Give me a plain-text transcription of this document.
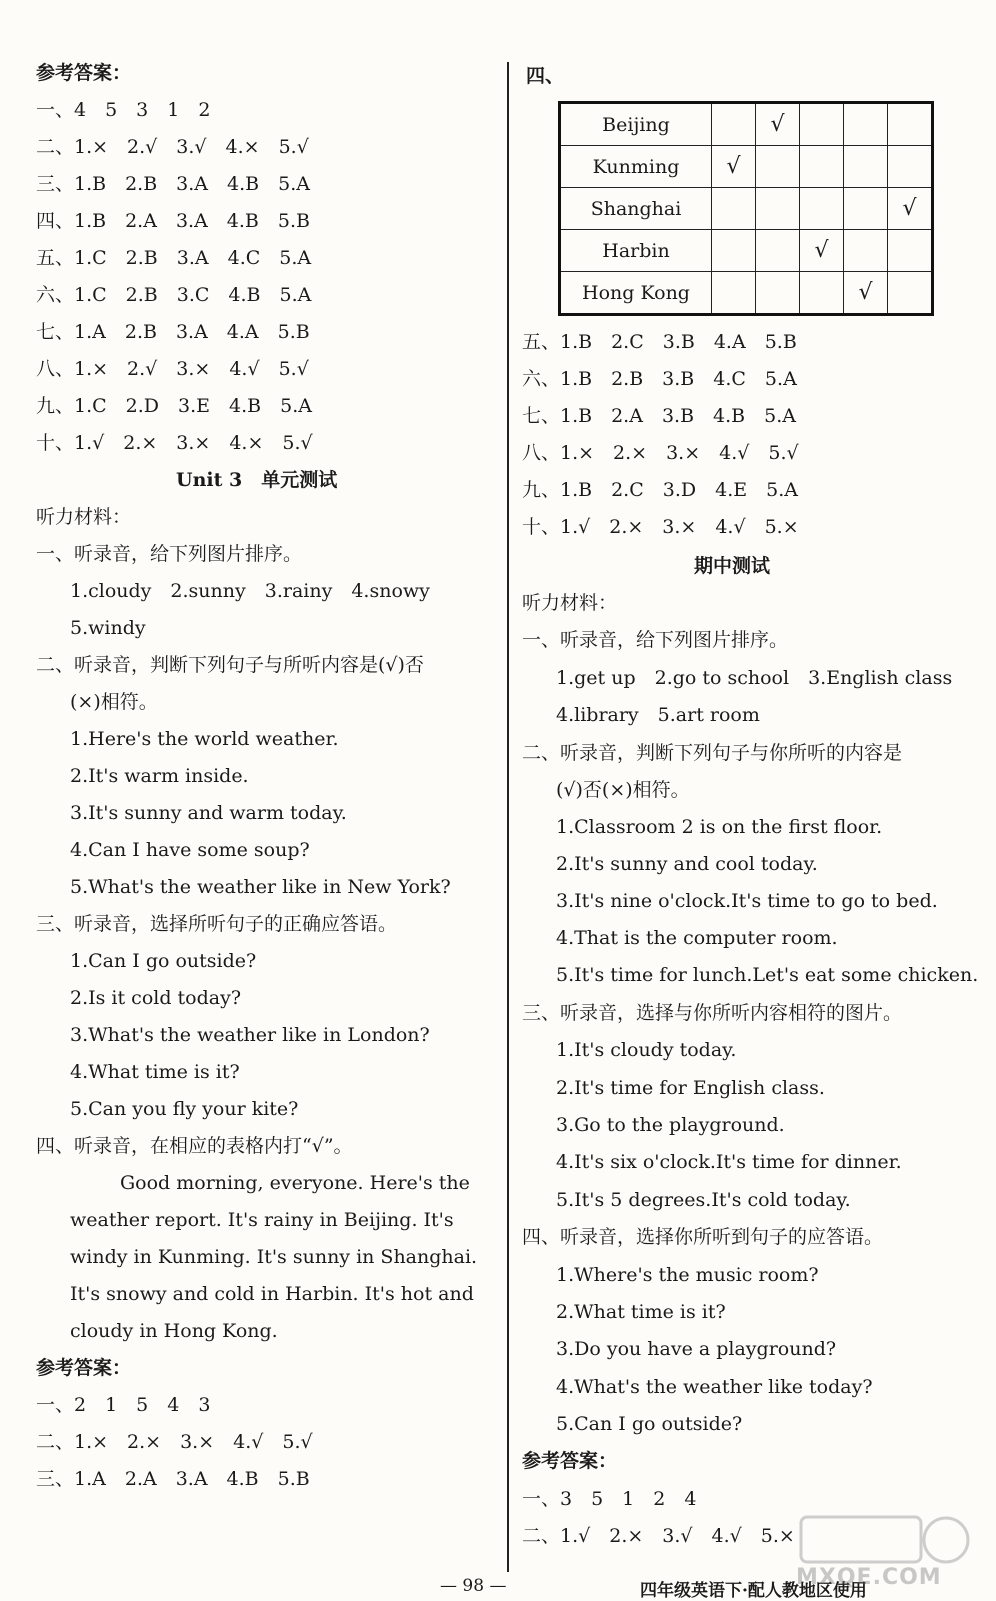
参考答案：
一、4　5　3　1　2
二、1.×　2.√　3.√　4.×　5.√
三、1.B　2.B　3.A　4.B　5.A
四、1.B　2.A　3.A　4.B　5.B
五、1.C　2.B　3.A　4.C　5.A
六、1.C　2.B　3.C　4.B　5.A
七、1.A　2.B　3.A　4.A　5.B
八、1.×　2.√　3.×　4.√　5.√
九、1.C　2.D　3.E　4.B　5.A
十、1.√　2.×　3.×　4.×　5.√
Unit 3　单元测试
听力材料：
一、听录音，给下列图片排序。
1.cloudy　2.sunny　3.rainy　4.snowy
5.windy
二、听录音，判断下列句子与所听内容是(√)否
(×)相符。
1.Here's the world weather.
2.It's warm inside.
3.It's sunny and warm today.
4.Can I have some soup?
5.What's the weather like in New York?
三、听录音，选择所听句子的正确应答语。
1.Can I go outside?
2.Is it cold today?
3.What's the weather like in London?
4.What time is it?
5.Can you fly your kite?
四、听录音，在相应的表格内打“√”。
Good morning, everyone. Here's the
weather report. It's rainy in Beijing. It's
windy in Kunming. It's sunny in Shanghai.
It's snowy and cold in Harbin. It's hot and
cloudy in Hong Kong.
参考答案：
一、2　1　5　4　3
二、1.×　2.×　3.×　4.√　5.√
三、1.A　2.A　3.A　4.B　5.B
四、
Beijing		√			
Kunming	√				
Shanghai					√
Harbin			√		
Hong Kong				√	
五、1.B　2.C　3.B　4.A　5.B
六、1.B　2.B　3.B　4.C　5.A
七、1.B　2.A　3.B　4.B　5.A
八、1.×　2.×　3.×　4.√　5.√
九、1.B　2.C　3.D　4.E　5.A
十、1.√　2.×　3.×　4.√　5.×
期中测试
听力材料：
一、听录音，给下列图片排序。
1.get up　2.go to school　3.English class
4.library　5.art room
二、听录音，判断下列句子与你所听的内容是
(√)否(×)相符。
1.Classroom 2 is on the first floor.
2.It's sunny and cool today.
3.It's nine o'clock.It's time to go to bed.
4.That is the computer room.
5.It's time for lunch.Let's eat some chicken.
三、听录音，选择与你所听内容相符的图片。
1.It's cloudy today.
2.It's time for English class.
3.Go to the playground.
4.It's six o'clock.It's time for dinner.
5.It's 5 degrees.It's cold today.
四、听录音，选择你所听到句子的应答语。
1.Where's the music room?
2.What time is it?
3.Do you have a playground?
4.What's the weather like today?
5.Can I go outside?
参考答案：
一、3　5　1　2　4
二、1.√　2.×　3.√　4.√　5.×
— 98 —	四年级英语下·配人教地区使用
MXQE.COM
